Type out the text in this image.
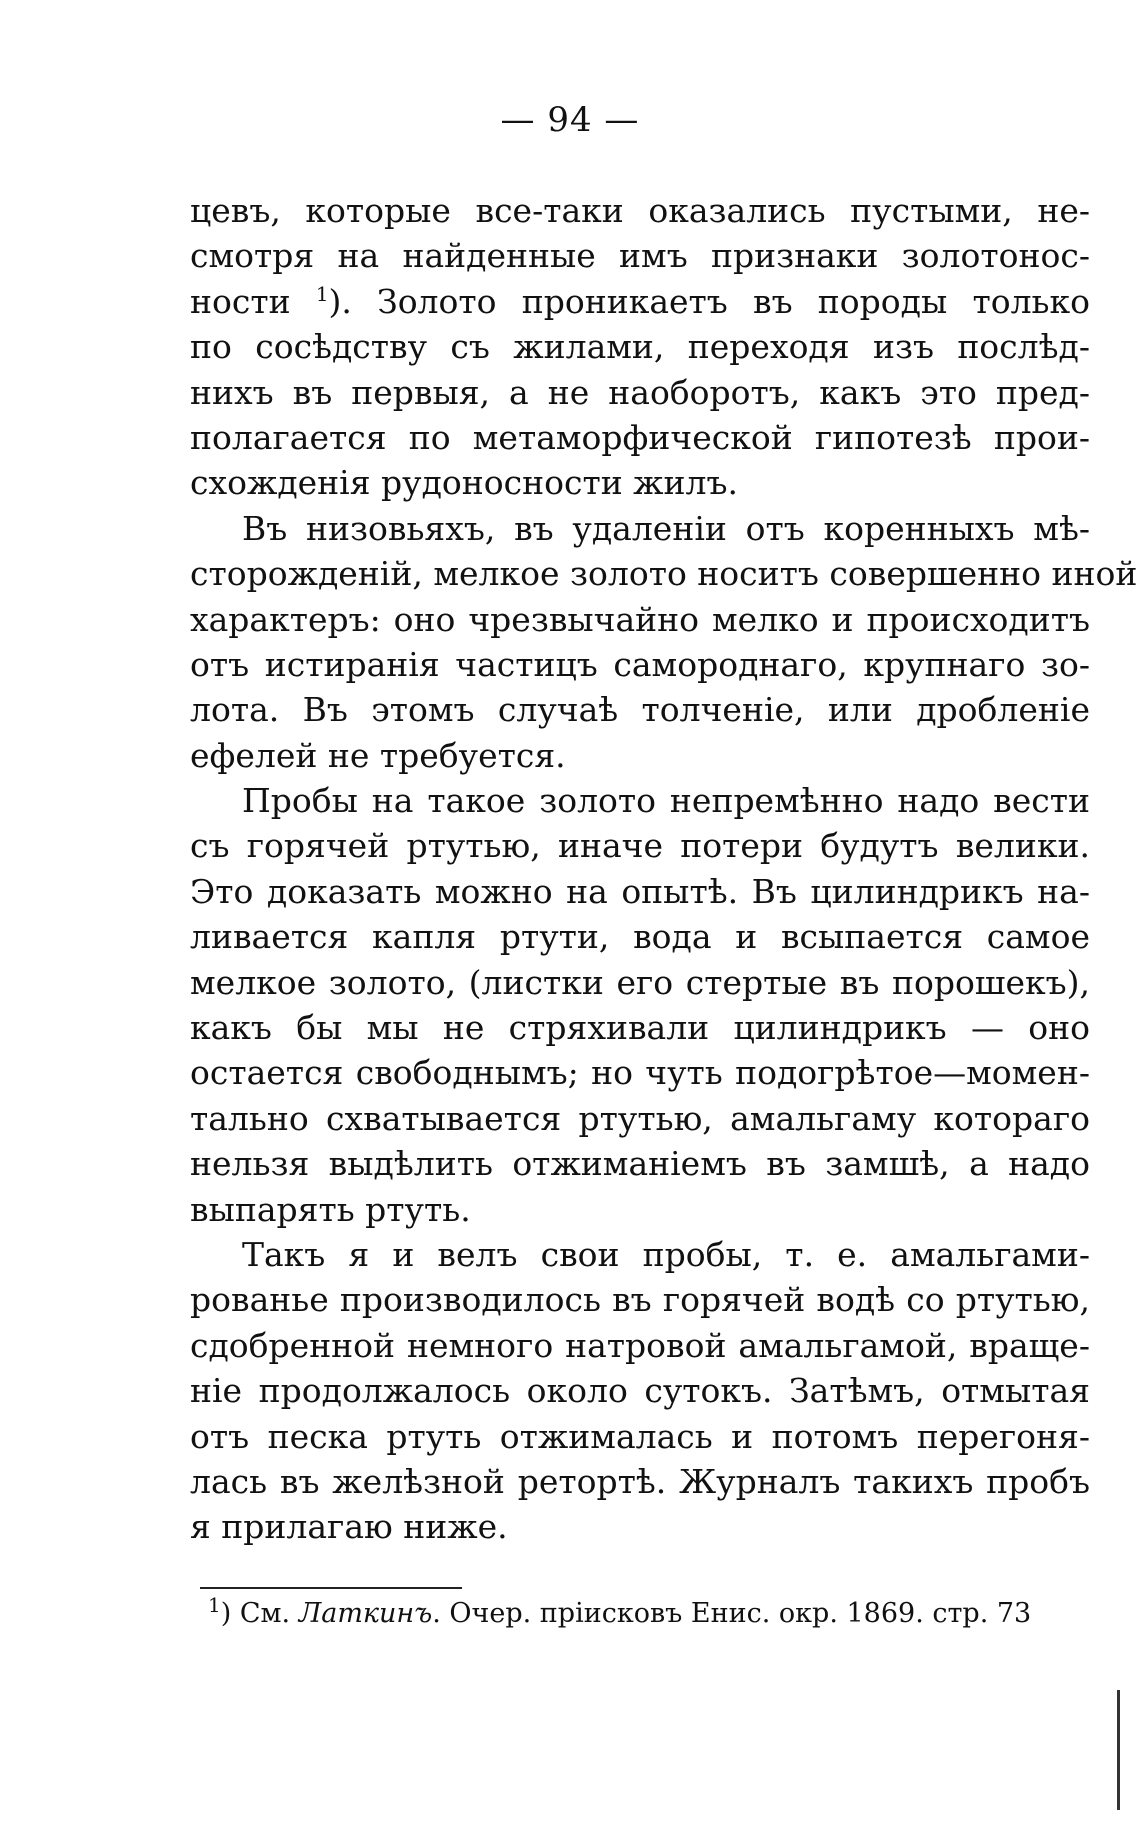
— 94 —
цевъ, которые все-таки оказались пустыми, не-
смотря на найденные имъ признаки золотонос-
ности $^1$). Золото проникаетъ въ породы только
по сосѣдству съ жилами, переходя изъ послѣд-
нихъ въ первыя, а не наоборотъ, какъ это пред-
полагается по метаморфической гипотезѣ прои-
схожденія рудоносности жилъ.
Въ низовьяхъ, въ удаленіи отъ коренныхъ мѣ-
сторожденій, мелкое золото носитъ совершенно иной
характеръ: оно чрезвычайно мелко и происходитъ
отъ истиранія частицъ самороднаго, крупнаго зо-
лота. Въ этомъ случаѣ толченіе, или дробленіе
ефелей не требуется.
Пробы на такое золото непремѣнно надо вести
съ горячей ртутью, иначе потери будутъ велики.
Это доказать можно на опытѣ. Въ цилиндрикъ на-
ливается капля ртути, вода и всыпается самое
мелкое золото, (листки его стертые въ порошекъ),
какъ бы мы не стряхивали цилиндрикъ — оно
остается свободнымъ; но чуть подогрѣтое—момен-
тально схватывается ртутью, амальгаму котораго
нельзя выдѣлить отжиманіемъ въ замшѣ, а надо
выпарять ртуть.
Такъ я и велъ свои пробы, т. е. амальгами-
рованье производилось въ горячей водѣ со ртутью,
сдобренной немного натровой амальгамой, враще-
ніе продолжалось около сутокъ. Затѣмъ, отмытая
отъ песка ртуть отжималась и потомъ перегоня-
лась въ желѣзной ретортѣ. Журналъ такихъ пробъ
я прилагаю ниже.
$^1$) См. Латкинъ. Очер. пріисковъ Енис. окр. 1869. стр. 73
